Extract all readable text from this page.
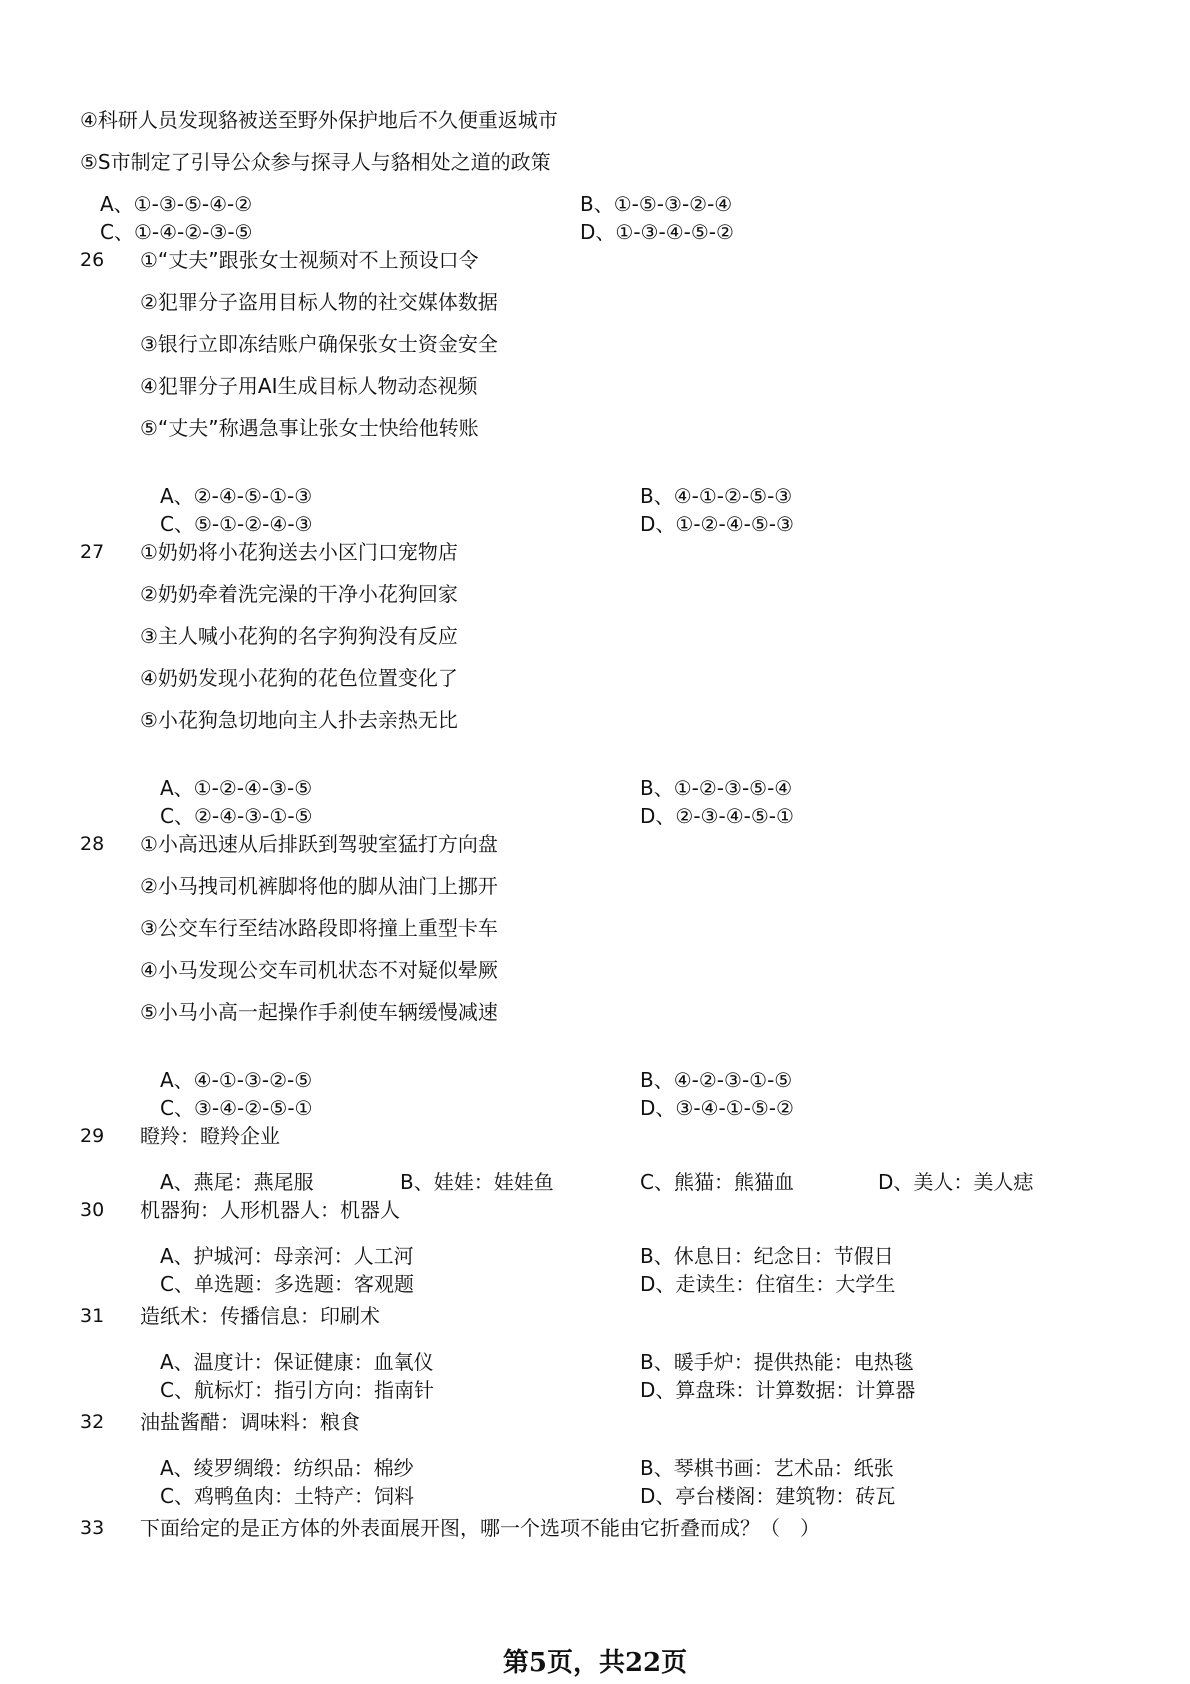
④科研人员发现貉被送至野外保护地后不久便重返城市
⑤S市制定了引导公众参与探寻人与貉相处之道的政策
A、①-③-⑤-④-②	B、①-⑤-③-②-④
C、①-④-②-③-⑤	D、①-③-④-⑤-②
26 ①“丈夫”跟张女士视频对不上预设口令
②犯罪分子盗用目标人物的社交媒体数据
③银行立即冻结账户确保张女士资金安全
④犯罪分子用AI生成目标人物动态视频
⑤“丈夫”称遇急事让张女士快给他转账
A、②-④-⑤-①-③	B、④-①-②-⑤-③
C、⑤-①-②-④-③	D、①-②-④-⑤-③
27 ①奶奶将小花狗送去小区门口宠物店
②奶奶牵着洗完澡的干净小花狗回家
③主人喊小花狗的名字狗狗没有反应
④奶奶发现小花狗的花色位置变化了
⑤小花狗急切地向主人扑去亲热无比
A、①-②-④-③-⑤	B、①-②-③-⑤-④
C、②-④-③-①-⑤	D、②-③-④-⑤-①
28 ①小高迅速从后排跃到驾驶室猛打方向盘
②小马拽司机裤脚将他的脚从油门上挪开
③公交车行至结冰路段即将撞上重型卡车
④小马发现公交车司机状态不对疑似晕厥
⑤小马小高一起操作手刹使车辆缓慢减速
A、④-①-③-②-⑤	B、④-②-③-①-⑤
C、③-④-②-⑤-①	D、③-④-①-⑤-②
29 瞪羚：瞪羚企业
A、燕尾：燕尾服	B、娃娃：娃娃鱼	C、熊猫：熊猫血	D、美人：美人痣
30 机器狗：人形机器人：机器人
A、护城河：母亲河：人工河	B、休息日：纪念日：节假日
C、单选题：多选题：客观题	D、走读生：住宿生：大学生
31 造纸术：传播信息：印刷术
A、温度计：保证健康：血氧仪	B、暖手炉：提供热能：电热毯
C、航标灯：指引方向：指南针	D、算盘珠：计算数据：计算器
32 油盐酱醋：调味料：粮食
A、绫罗绸缎：纺织品：棉纱	B、琴棋书画：艺术品：纸张
C、鸡鸭鱼肉：土特产：饲料	D、亭台楼阁：建筑物：砖瓦
33 下面给定的是正方体的外表面展开图，哪一个选项不能由它折叠而成？（　）
第5页，共22页
